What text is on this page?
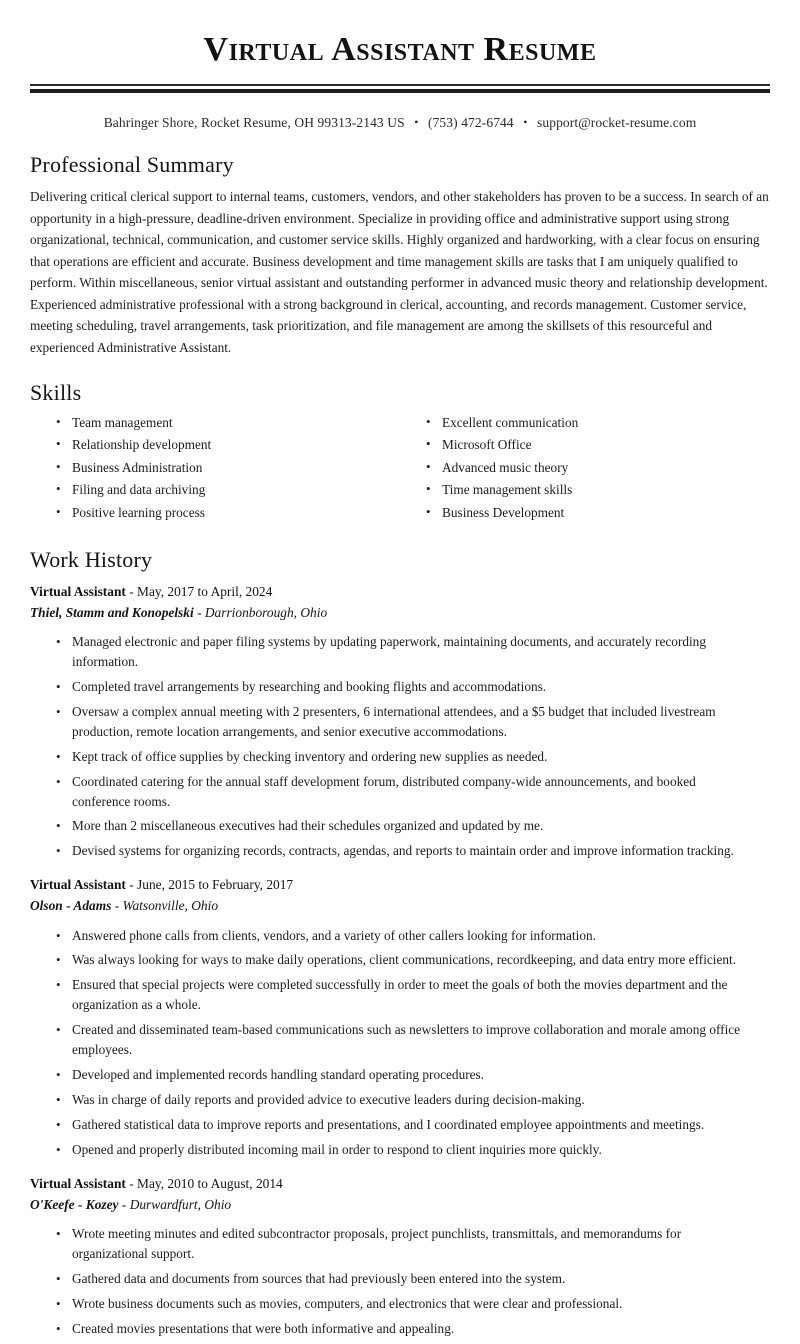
Virtual Assistant Resume
Bahringer Shore, Rocket Resume, OH 99313-2143 US • (753) 472-6744 • support@rocket-resume.com
Professional Summary

Delivering critical clerical support to internal teams, customers, vendors, and other stakeholders has proven to be a success. In search of an opportunity in a high-pressure, deadline-driven environment. Specialize in providing office and administrative support using strong organizational, technical, communication, and customer service skills. Highly organized and hardworking, with a clear focus on ensuring that operations are efficient and accurate. Business development and time management skills are tasks that I am uniquely qualified to perform. Within miscellaneous, senior virtual assistant and outstanding performer in advanced music theory and relationship development. Experienced administrative professional with a strong background in clerical, accounting, and records management. Customer service, meeting scheduling, travel arrangements, task prioritization, and file management are among the skillsets of this resourceful and experienced Administrative Assistant.

Skills
• Team management
• Relationship development
• Business Administration
• Filing and data archiving
• Positive learning process
• Excellent communication
• Microsoft Office
• Advanced music theory
• Time management skills
• Business Development
Work History
Virtual Assistant - May, 2017 to April, 2024
Thiel, Stamm and Konopelski - Darrionborough, Ohio
• Managed electronic and paper filing systems by updating paperwork, maintaining documents, and accurately recording information.
• Completed travel arrangements by researching and booking flights and accommodations.
• Oversaw a complex annual meeting with 2 presenters, 6 international attendees, and a $5 budget that included livestream production, remote location arrangements, and senior executive accommodations.
• Kept track of office supplies by checking inventory and ordering new supplies as needed.
• Coordinated catering for the annual staff development forum, distributed company-wide announcements, and booked conference rooms.
• More than 2 miscellaneous executives had their schedules organized and updated by me.
• Devised systems for organizing records, contracts, agendas, and reports to maintain order and improve information tracking.
Virtual Assistant - June, 2015 to February, 2017
Olson - Adams - Watsonville, Ohio
• Answered phone calls from clients, vendors, and a variety of other callers looking for information.
• Was always looking for ways to make daily operations, client communications, recordkeeping, and data entry more efficient.
• Ensured that special projects were completed successfully in order to meet the goals of both the movies department and the organization as a whole.
• Created and disseminated team-based communications such as newsletters to improve collaboration and morale among office employees.
• Developed and implemented records handling standard operating procedures.
• Was in charge of daily reports and provided advice to executive leaders during decision-making.
• Gathered statistical data to improve reports and presentations, and I coordinated employee appointments and meetings.
• Opened and properly distributed incoming mail in order to respond to client inquiries more quickly.
Virtual Assistant - May, 2010 to August, 2014
O'Keefe - Kozey - Durwardfurt, Ohio
• Wrote meeting minutes and edited subcontractor proposals, project punchlists, transmittals, and memorandums for organizational support.
• Gathered data and documents from sources that had previously been entered into the system.
• Wrote business documents such as movies, computers, and electronics that were clear and professional.
• Created movies presentations that were both informative and appealing.
